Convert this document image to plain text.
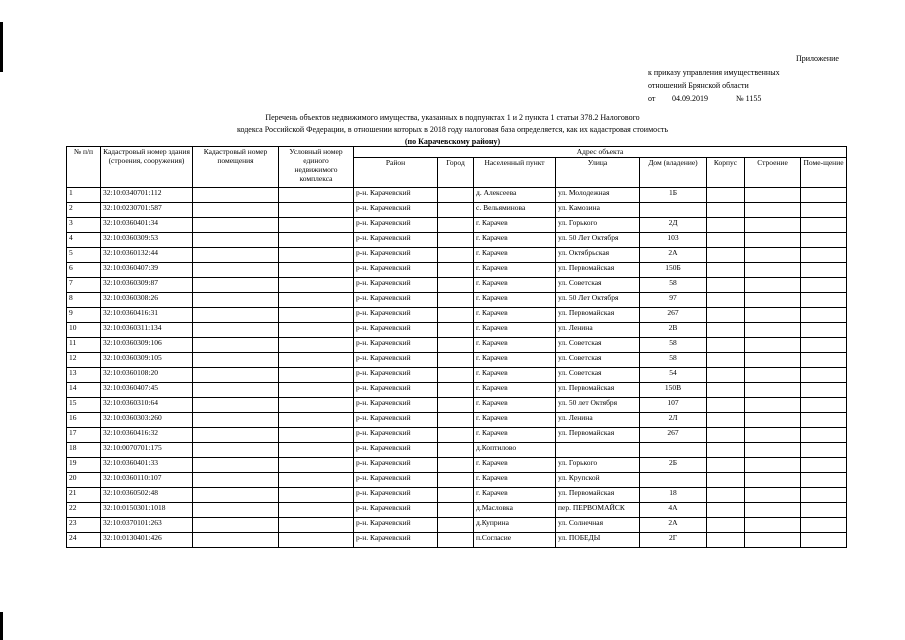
Приложение
к приказу управления имущественных
отношений Брянской области
от 04.09.2019	№ 1155
Перечень объектов недвижимого имущества, указанных в подпунктах 1 и 2 пункта 1 статьи 378.2 Налогового
кодекса Российской Федерации, в отношении которых в 2018 году налоговая база определяется, как их кадастровая стоимость
(по Карачевскому району)
№ п/п	Кадастровый номер здания (строения, сооружения)	Кадастровый номер помещения	Условный номер единого недвижимого комплекса	Адрес объекта							
				Район	Город	Населенный пункт	Улица	Дом (владение)	Корпус	Строение	Поме-щение
1	32:10:0340701:112			р-н. Карачевский		д. Алексеева	ул. Молодежная	1Б			
2	32:10:0230701:587			р-н. Карачевский		с. Вельяминова	ул. Камозина				
3	32:10:0360401:34			р-н. Карачевский		г. Карачев	ул. Горького	2Д			
4	32:10:0360309:53			р-н. Карачевский		г. Карачев	ул. 50 Лет Октября	103			
5	32:10:0360132:44			р-н. Карачевский		г. Карачев	ул. Октябрьская	2А			
6	32:10:0360407:39			р-н. Карачевский		г. Карачев	ул. Первомайская	150Б			
7	32:10:0360309:87			р-н. Карачевский		г. Карачев	ул. Советская	58			
8	32:10:0360308:26			р-н. Карачевский		г. Карачев	ул. 50 Лет Октября	97			
9	32:10:0360416:31			р-н. Карачевский		г. Карачев	ул. Первомайская	267			
10	32:10:0360311:134			р-н. Карачевский		г. Карачев	ул. Ленина	2В			
11	32:10:0360309:106			р-н. Карачевский		г. Карачев	ул. Советская	58			
12	32:10:0360309:105			р-н. Карачевский		г. Карачев	ул. Советская	58			
13	32:10:0360108:20			р-н. Карачевский		г. Карачев	ул. Советская	54			
14	32:10:0360407:45			р-н. Карачевский		г. Карачев	ул. Первомайская	150В			
15	32:10:0360310:64			р-н. Карачевский		г. Карачев	ул. 50 лет Октября	107			
16	32:10:0360303:260			р-н. Карачевский		г. Карачев	ул. Ленина	2Л			
17	32:10:0360416:32			р-н. Карачевский		г. Карачев	ул. Первомайская	267			
18	32:10:0070701:175			р-н. Карачевский		д.Коптилово					
19	32:10:0360401:33			р-н. Карачевский		г. Карачев	ул. Горького	2Б			
20	32:10:0360110:107			р-н. Карачевский		г. Карачев	ул. Крупской				
21	32:10:0360502:48			р-н. Карачевский		г. Карачев	ул. Первомайская	18			
22	32:10:0150301:1018			р-н. Карачевский		д.Масловка	пер. ПЕРВОМАЙСК	4А			
23	32:10:0370101:263			р-н. Карачевский		д.Куприна	ул. Солнечная	2А			
24	32:10:0130401:426			р-н. Карачевский		п.Согласие	ул. ПОБЕДЫ	2Г			
